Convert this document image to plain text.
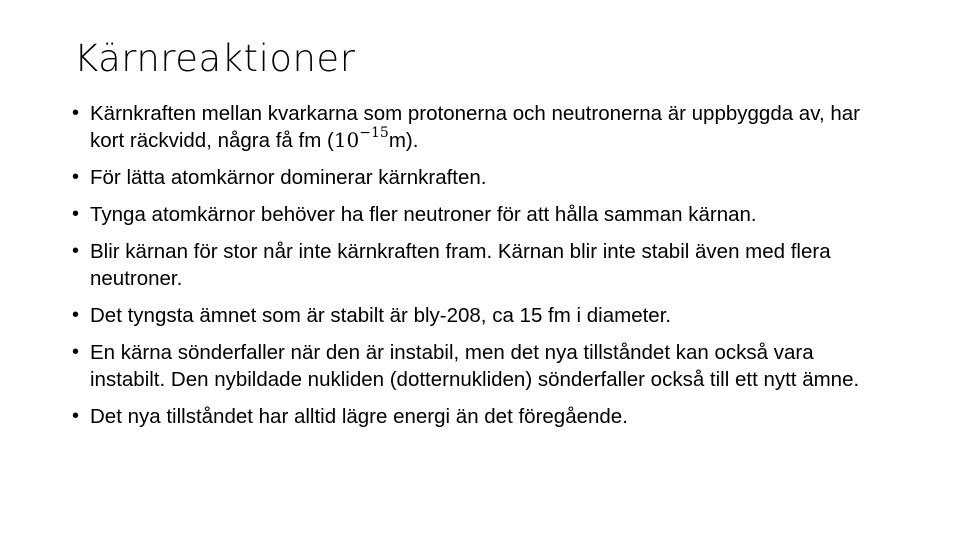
Kärnreaktioner
• Kärnkraften mellan kvarkarna som protonerna och neutronerna är uppbyggda av, har kort räckvidd, några få fm $(10^{-15}m)$.
• För lätta atomkärnor dominerar kärnkraften.
• Tynga atomkärnor behöver ha fler neutroner för att hålla samman kärnan.
• Blir kärnan för stor når inte kärnkraften fram. Kärnan blir inte stabil även med flera neutroner.
• Det tyngsta ämnet som är stabilt är bly-208, ca 15 fm i diameter.
• En kärna sönderfaller när den är instabil, men det nya tillståndet kan också vara instabilt. Den nybildade nukliden (dotternukliden) sönderfaller också till ett nytt ämne.
• Det nya tillståndet har alltid lägre energi än det föregående.
